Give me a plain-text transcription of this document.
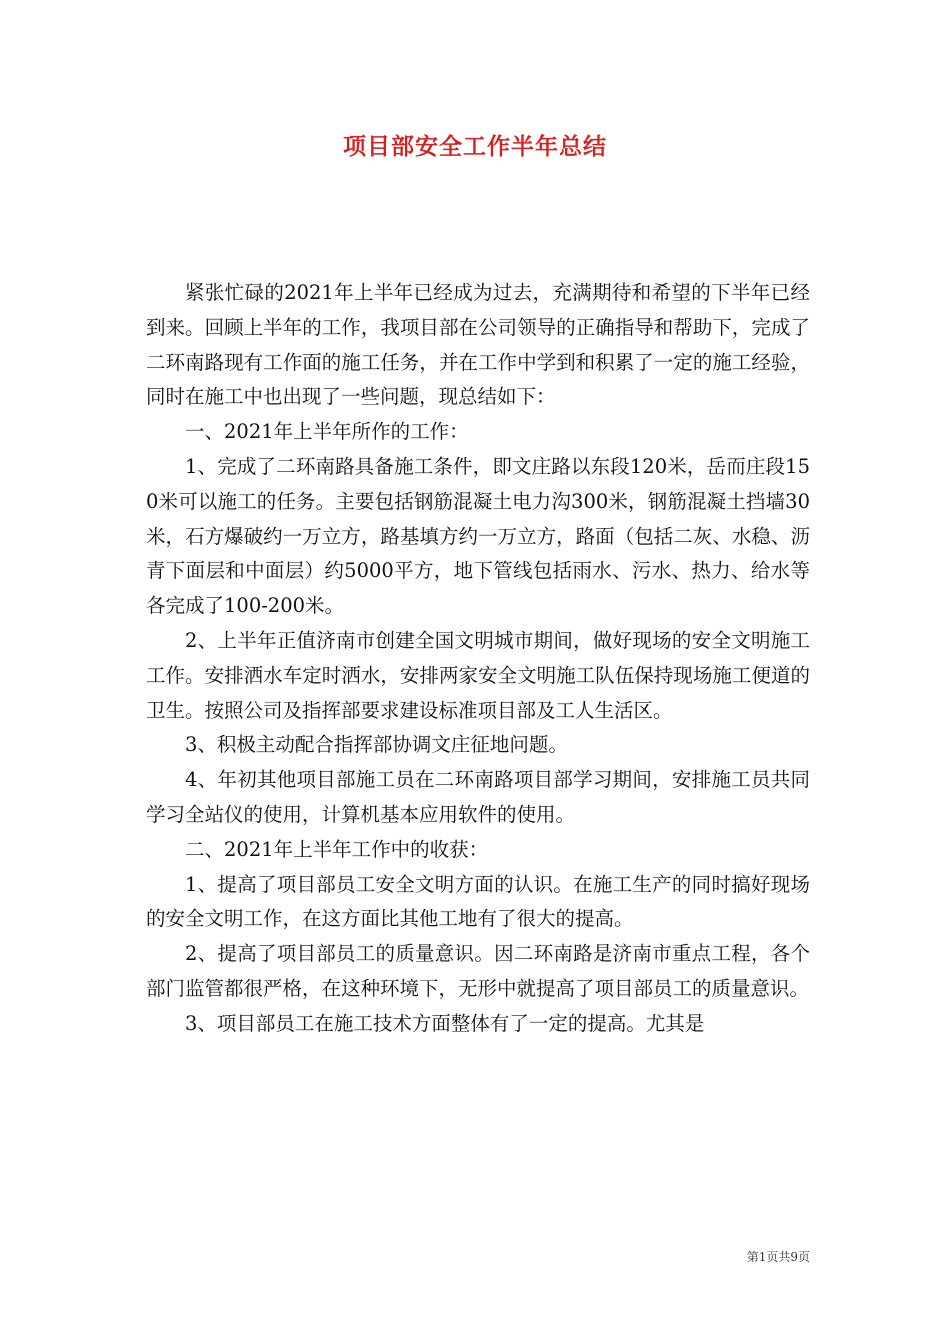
项目部安全工作半年总结

紧张忙碌的2021年上半年已经成为过去，充满期待和希望的下半年已经到来。回顾上半年的工作，我项目部在公司领导的正确指导和帮助下，完成了二环南路现有工作面的施工任务，并在工作中学到和积累了一定的施工经验，同时在施工中也出现了一些问题，现总结如下：

一、2021年上半年所作的工作：

1、完成了二环南路具备施工条件，即文庄路以东段120米，岳而庄段150米可以施工的任务。主要包括钢筋混凝土电力沟300米，钢筋混凝土挡墙30米，石方爆破约一万立方，路基填方约一万立方，路面（包括二灰、水稳、沥青下面层和中面层）约5000平方，地下管线包括雨水、污水、热力、给水等各完成了100-200米。

2、上半年正值济南市创建全国文明城市期间，做好现场的安全文明施工工作。安排洒水车定时洒水，安排两家安全文明施工队伍保持现场施工便道的卫生。按照公司及指挥部要求建设标准项目部及工人生活区。

3、积极主动配合指挥部协调文庄征地问题。

4、年初其他项目部施工员在二环南路项目部学习期间，安排施工员共同学习全站仪的使用，计算机基本应用软件的使用。

二、2021年上半年工作中的收获：

1、提高了项目部员工安全文明方面的认识。在施工生产的同时搞好现场的安全文明工作，在这方面比其他工地有了很大的提高。

2、提高了项目部员工的质量意识。因二环南路是济南市重点工程，各个部门监管都很严格，在这种环境下，无形中就提高了项目部员工的质量意识。

3、项目部员工在施工技术方面整体有了一定的提高。尤其是

第1页共9页
